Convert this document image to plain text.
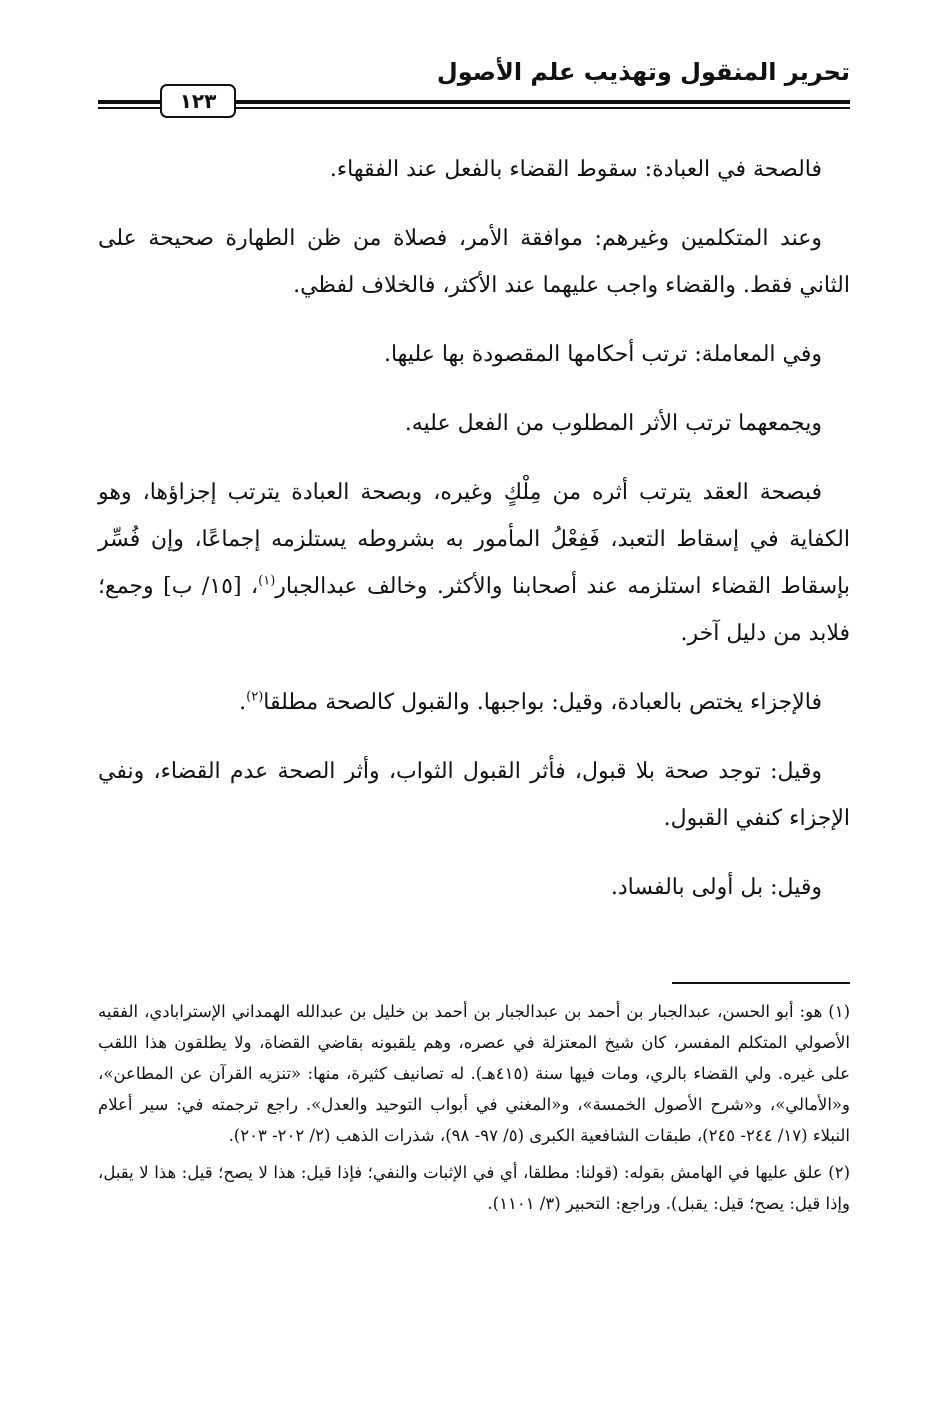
تحرير المنقول وتهذيب علم الأصول
١٢٣

فالصحة في العبادة: سقوط القضاء بالفعل عند الفقهاء.

وعند المتكلمين وغيرهم: موافقة الأمر، فصلاة من ظن الطهارة صحيحة على الثاني فقط. والقضاء واجب عليهما عند الأكثر، فالخلاف لفظي.

وفي المعاملة: ترتب أحكامها المقصودة بها عليها.

ويجمعهما ترتب الأثر المطلوب من الفعل عليه.

فبصحة العقد يترتب أثره من مِلْكٍ وغيره، وبصحة العبادة يترتب إجزاؤها، وهو الكفاية في إسقاط التعبد، فَفِعْلُ المأمور به بشروطه يستلزمه إجماعًا، وإن فُسِّر بإسقاط القضاء استلزمه عند أصحابنا والأكثر. وخالف عبدالجبار$^{(١)}$، [١٥/ ب] وجمع؛ فلابد من دليل آخر.

فالإجزاء يختص بالعبادة، وقيل: بواجبها. والقبول كالصحة مطلقا$^{(٢)}$.

وقيل: توجد صحة بلا قبول، فأثر القبول الثواب، وأثر الصحة عدم القضاء، ونفي الإجزاء كنفي القبول.

وقيل: بل أولى بالفساد.

(١) هو: أبو الحسن، عبدالجبار بن أحمد بن عبدالجبار بن أحمد بن خليل بن عبدالله الهمداني الإسترابادي، الفقيه الأصولي المتكلم المفسر، كان شيخ المعتزلة في عصره، وهم يلقبونه بقاضي القضاة، ولا يطلقون هذا اللقب على غيره. ولي القضاء بالري، ومات فيها سنة (٤١٥هـ). له تصانيف كثيرة، منها: «تنزيه القرآن عن المطاعن»، و«الأمالي»، و«شرح الأصول الخمسة»، و«المغني في أبواب التوحيد والعدل». راجع ترجمته في: سير أعلام النبلاء (١٧/ ٢٤٤- ٢٤٥)، طبقات الشافعية الكبرى (٥/ ٩٧- ٩٨)، شذرات الذهب (٢/ ٢٠٢- ٢٠٣).

(٢) علق عليها في الهامش بقوله: (قولنا: مطلقا، أي في الإثبات والنفي؛ فإذا قيل: هذا لا يصح؛ قيل: هذا لا يقبل، وإذا قيل: يصح؛ قيل: يقبل). وراجع: التحبير (٣/ ١١٠١).
